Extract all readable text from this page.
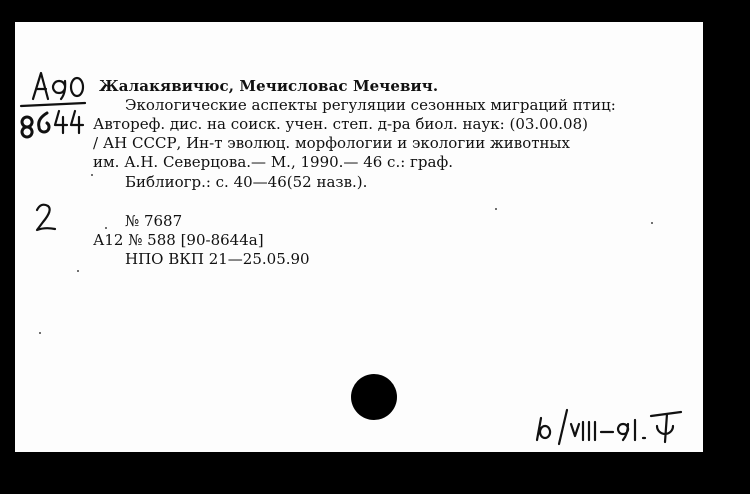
Жалакявичюс, Мечисловас Мечевич.
Экологические аспекты регуляции сезонных миграций птиц:
Автореф. дис. на соиск. учен. степ. д-ра биол. наук: (03.00.08)
/ АН СССР, Ин-т эволюц. морфологии и экологии животных
им. А.Н. Северцова.— М., 1990.— 46 с.: граф.
Библиогр.: с. 40—46(52 назв.).
№ 7687
А12 № 588 [90-8644а]
НПО ВКП 21—25.05.90
